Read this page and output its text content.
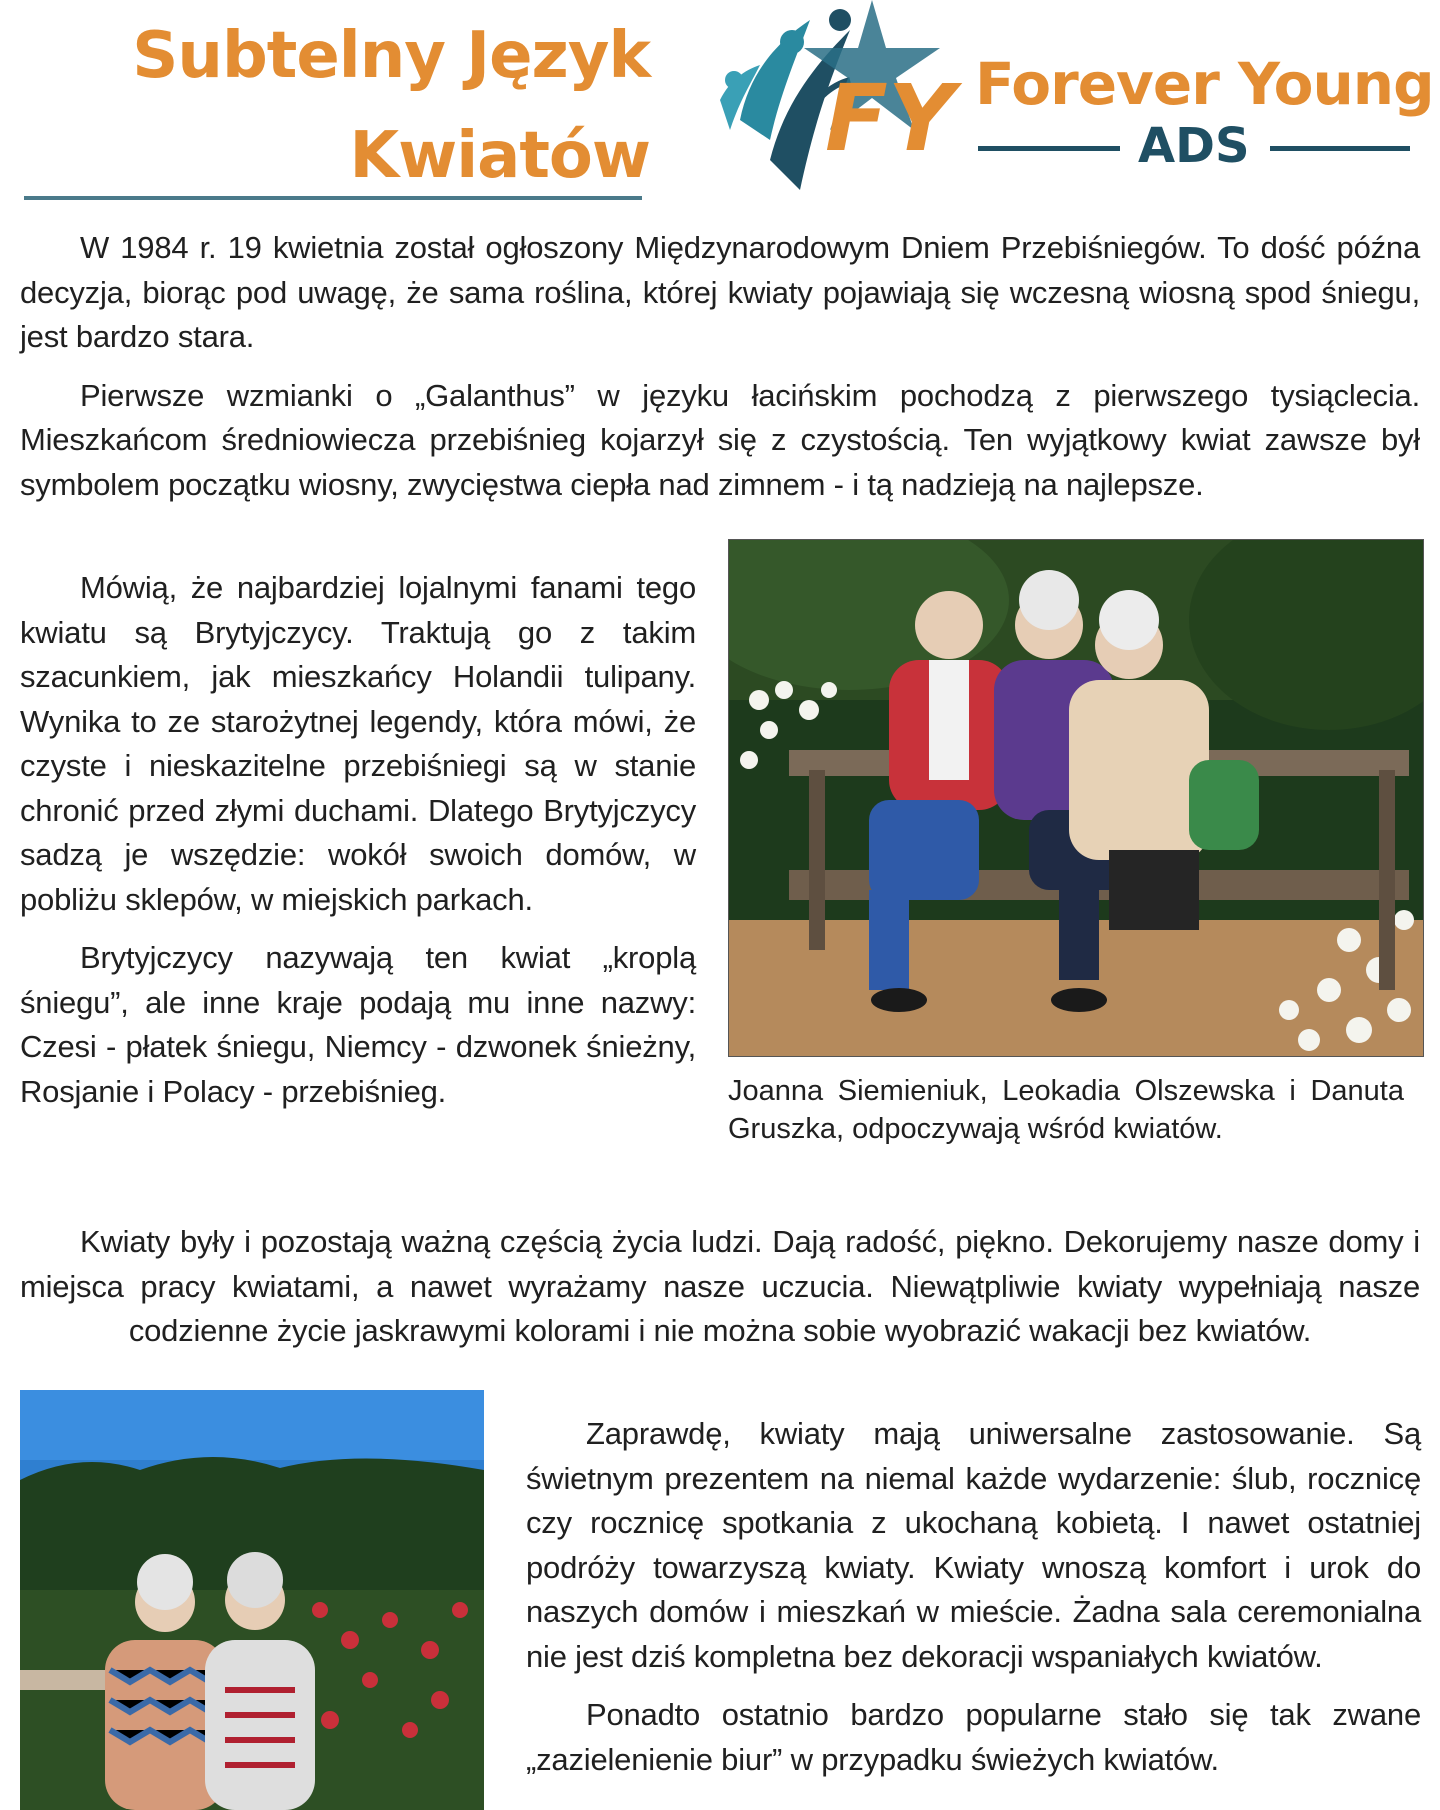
Subtelny Język
Kwiatów FY Forever Young
ADS

W 1984 r. 19 kwietnia został ogłoszony Międzynarodowym Dniem Przebiśniegów. To dość późna decyzja, biorąc pod uwagę, że sama roślina, której kwiaty pojawiają się wczesną wiosną spod śniegu, jest bardzo stara.

Pierwsze wzmianki o „Galanthus” w języku łacińskim pochodzą z pierwszego tysiąclecia. Mieszkańcom średniowiecza przebiśnieg kojarzył się z czystością. Ten wyjątkowy kwiat zawsze był symbolem początku wiosny, zwycięstwa ciepła nad zimnem - i tą nadzieją na najlepsze.

Mówią, że najbardziej lojalnymi fanami tego kwiatu są Brytyjczycy. Traktują go z takim szacunkiem, jak mieszkańcy Holandii tulipany. Wynika to ze starożytnej legendy, która mówi, że czyste i nieskazitelne przebiśniegi są w stanie chronić przed złymi duchami. Dlatego Brytyjczycy sadzą je wszędzie: wokół swoich domów, w pobliżu sklepów, w miejskich parkach.

Brytyjczycy nazywają ten kwiat „kroplą śniegu”, ale inne kraje podają mu inne nazwy: Czesi - płatek śniegu, Niemcy - dzwonek śnieżny, Rosjanie i Polacy - przebiśnieg.	Joanna Siemieniuk, Leokadia Olszewska i Danuta Gruszka, odpoczywają wśród kwiatów.

Kwiaty były i pozostają ważną częścią życia ludzi. Dają radość, piękno. Dekorujemy nasze domy i miejsca pracy kwiatami, a nawet wyrażamy nasze uczucia. Niewątpliwie kwiaty wypełniają nasze codzienne życie jaskrawymi kolorami i nie można sobie wyobrazić wakacji bez kwiatów.

Zaprawdę, kwiaty mają uniwersalne zastosowanie. Są świetnym prezentem na niemal każde wydarzenie: ślub, rocznicę czy rocznicę spotkania z ukochaną kobietą. I nawet ostatniej podróży towarzyszą kwiaty. Kwiaty wnoszą komfort i urok do naszych domów i mieszkań w mieście. Żadna sala ceremonialna nie jest dziś kompletna bez dekoracji wspaniałych kwiatów.

Ponadto ostatnio bardzo popularne stało się tak zwane „zazielenienie biur” w przypadku świeżych kwiatów.
